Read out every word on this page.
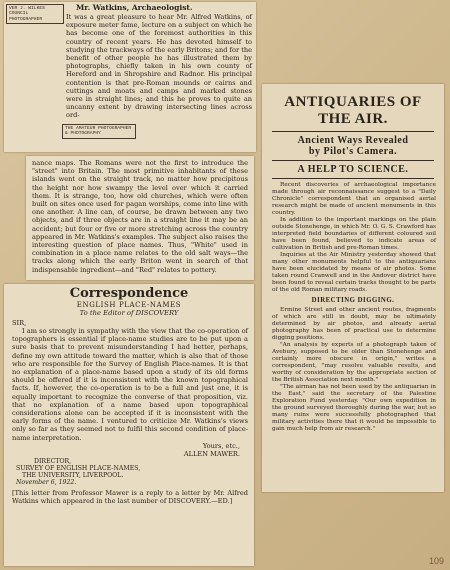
VER J. WILKES
COUNCIL PHOTOGRAPHER

Mr. Watkins, Archaeologist.

It was a great pleasure to hear Mr. Alfred Watkins, of exposure meter fame, lecture on a subject on which he has become one of the foremost authorities in this country of recent years. He has devoted himself to studying the trackways of the early Britons; and for the benefit of other people he has illustrated them by photographs, chiefly taken in his own county of Hereford and in Shropshire and Radnor. His principal contention is that pre-Roman mounds or cairns and cuttings and moats and camps and marked stones were in straight lines; and this he proves to quite an uncanny extent by drawing intersecting lines across ord-

THE AMATEUR PHOTOGRAPHER
& PHOTOGRAPHY

nance maps. The Romans were not the first to introduce the "street" into Britain. The most primitive inhabitants of these islands went on the straight track, no matter how precipitous the height nor how swampy the level over which it carried them. It is strange, too, how old churches, which were often built on sites once used for pagan worships, come into line with one another. A line can, of course, be drawn between any two objects, and if three objects are in a straight line it may be an accident; but four or five or more stretching across the country appeared in Mr. Watkins's examples. The subject also raises the interesting question of place names. Thus, "White" used in combination in a place name relates to the old salt ways—the tracks along which the early Briton went in search of that indispensable ingredient—and "Red" relates to pottery.

Correspondence

ENGLISH PLACE-NAMES

To the Editor of DISCOVERY

SIR,

I am so strongly in sympathy with the view that the co-operation of topographers is essential if place-name studies are to be put upon a sure basis that to prevent misunderstanding I had better, perhaps, define my own attitude toward the matter, which is also that of those who are responsible for the Survey of English Place-names. It is that no explanation of a place-name based upon a study of its old forms should be offered if it is inconsistent with the known topographical facts. If, however, the co-operation is to be a full and just one, it is equally important to recognize the converse of that proposition, viz. that no explanation of a name based upon topographical considerations alone can be accepted if it is inconsistent with the early forms of the name. I ventured to criticize Mr. Watkins's views only so far as they seemed not to fulfil this second condition of place-name interpretation.

Yours, etc.,

ALLEN MAWER.

DIRECTOR,

SURVEY OF ENGLISH PLACE-NAMES,

THE UNIVERSITY, LIVERPOOL.

November 6, 1922.

[This letter from Professor Mawer is a reply to a letter by Mr. Alfred Watkins which appeared in the last number of DISCOVERY.—ED.]

ANTIQUARIES OF

THE AIR.

Ancient Ways Revealed

by Pilot's Camera.

A HELP TO SCIENCE.

Recent discoveries of archaeological importance made through air reconnaissance suggest to a "Daily Chronicle" correspondent that an organised aerial research might be made of ancient monuments in this country.

In addition to the important markings on the plain outside Stonehenge, in which Mr. O. G. S. Crawford has interpreted field boundaries of different coloured soil have been found, believed to indicate areas of cultivation in British and pre-Roman times.

Inquiries at the Air Ministry yesterday showed that many other monuments helpful to the antiquarians have been elucidated by means of air photos. Some taken round Cranwell and in the Andover district have been found to reveal certain tracks thought to be parts of the old Roman military roads.

DIRECTING DIGGING.

Ermine Street and other ancient routes, fragments of which are still in doubt, may be ultimately determined by air photos, and already aerial photography has been of practical use to determine digging positions.

"An analysis by experts of a photograph taken of Avebury, supposed to be older than Stonehenge and certainly more obscure in origin," writes a correspondent, "may resolve valuable results, and worthy of consideration by the appropriate section of the British Association next month."

"The airman has not been used by the antiquarian in the East," said the secretary of the Palestine Exploration Fund yesterday. "Our own expedition in the ground surveyed thoroughly during the war, but so many ruins were successfully photographed that military activities there that it would be impossible to gain much help from air research."

109
